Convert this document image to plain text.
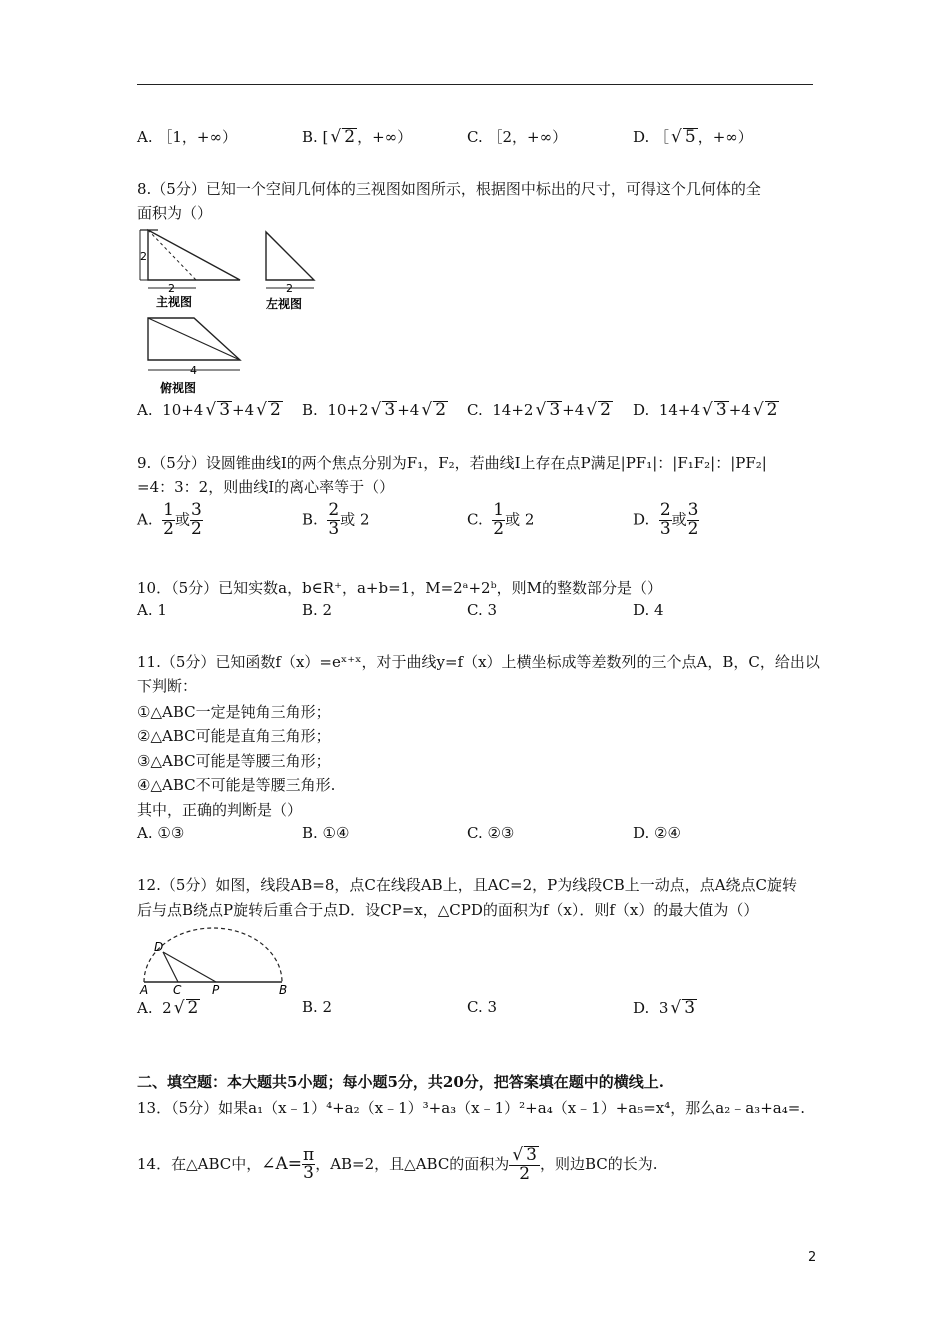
A. ［1，+∞）	B. [ √ 2 ，+∞）	C. ［2，+∞）	D. ［ √ 5 ，+∞）
8.（5分）已知一个空间几何体的三视图如图所示，根据图中标出的尺寸，可得这个几何体的全
面积为（）
2
2
主视图
2
左视图
4
俯视图
A. 10+4 √ 3 +4 √ 2 B. 10+2 √ 3 +4 √ 2 C. 14+2 √ 3 +4 √ 2 D. 14+4 √ 3 +4 √ 2
9.（5分）设圆锥曲线I的两个焦点分别为F₁，F₂，若曲线I上存在点P满足|PF₁|：|F₁F₂|：|PF₂|
=4：3：2，则曲线I的离心率等于（）
A. $\frac{1}{2}$ 或 $\frac{3}{2}$	B. $\frac{2}{3}$ 或 2	C. $\frac{1}{2}$ 或 2	D. $\frac{2}{3}$ 或 $\frac{3}{2}$
10．（5分）已知实数a，b∈R⁺，a+b=1，M=2ᵃ+2ᵇ，则M的整数部分是（）
A. 1	B. 2	C. 3	D. 4
11.（5分）已知函数f（x）=eˣ⁺ˣ，对于曲线y=f（x）上横坐标成等差数列的三个点A，B，C，给出以
下判断：
①△ABC一定是钝角三角形；
②△ABC可能是直角三角形；
③△ABC可能是等腰三角形；
④△ABC不可能是等腰三角形.
其中，正确的判断是（）
A. ①③	B. ①④	C. ②③	D. ②④
12.（5分）如图，线段AB=8，点C在线段AB上，且AC=2，P为线段CB上一动点，点A绕点C旋转
后与点B绕点P旋转后重合于点D．设CP=x，△CPD的面积为f（x）．则f（x）的最大值为（）
D
A C	P	B
A. 2 √ 2	B. 2	C. 3	D. 3 √ 3
二、填空题：本大题共5小题；每小题5分，共20分，把答案填在题中的横线上.
13．（5分）如果a₁（x﹣1）⁴+a₂（x﹣1）³+a₃（x﹣1）²+a₄（x﹣1）+a₅=x⁴，那么a₂﹣a₃+a₄=.
14．在△ABC中，∠A= $\frac{\pi}{3}$ ，AB=2，且△ABC的面积为 $\frac{√ 3}{2}$ ，则边BC的长为.
2
